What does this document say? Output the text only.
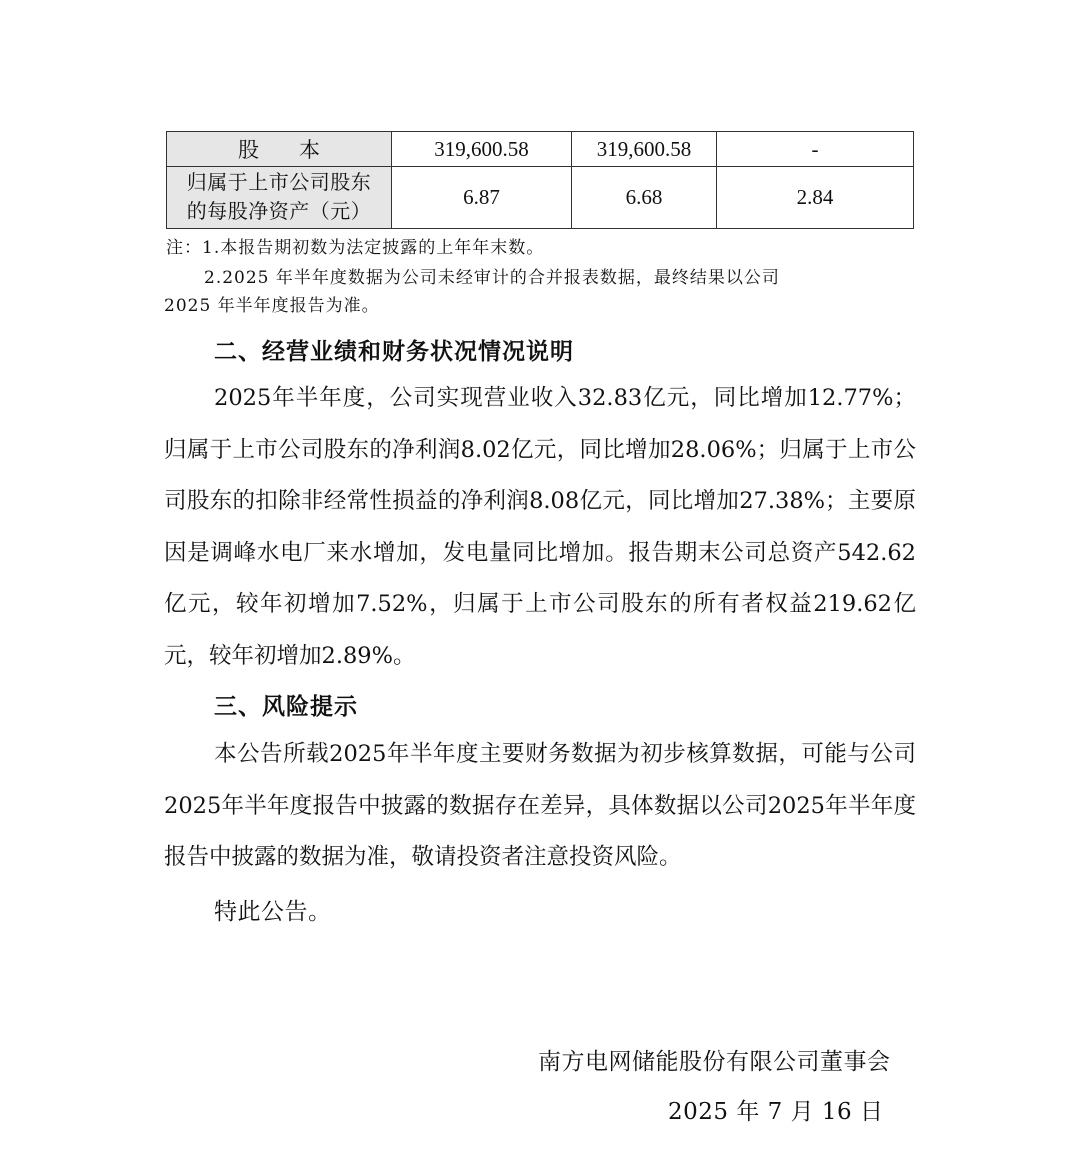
股本	319,600.58	319,600.58	-
归属于上市公司股东
的每股净资产（元）	6.87	6.68	2.84
注：1.本报告期初数为法定披露的上年年末数。
2.2025 年半年度数据为公司未经审计的合并报表数据，最终结果以公司
2025 年半年度报告为准。
二、经营业绩和财务状况情况说明

2025年半年度，公司实现营业收入32.83亿元，同比增加12.77%；归属于上市公司股东的净利润8.02亿元，同比增加28.06%；归属于上市公司股东的扣除非经常性损益的净利润8.08亿元，同比增加27.38%；主要原因是调峰水电厂来水增加，发电量同比增加。报告期末公司总资产542.62亿元，较年初增加7.52%，归属于上市公司股东的所有者权益219.62亿元，较年初增加2.89%。

三、风险提示

本公告所载2025年半年度主要财务数据为初步核算数据，可能与公司2025年半年度报告中披露的数据存在差异，具体数据以公司2025年半年度报告中披露的数据为准，敬请投资者注意投资风险。

特此公告。
南方电网储能股份有限公司董事会
2025 年 7 月 16 日
